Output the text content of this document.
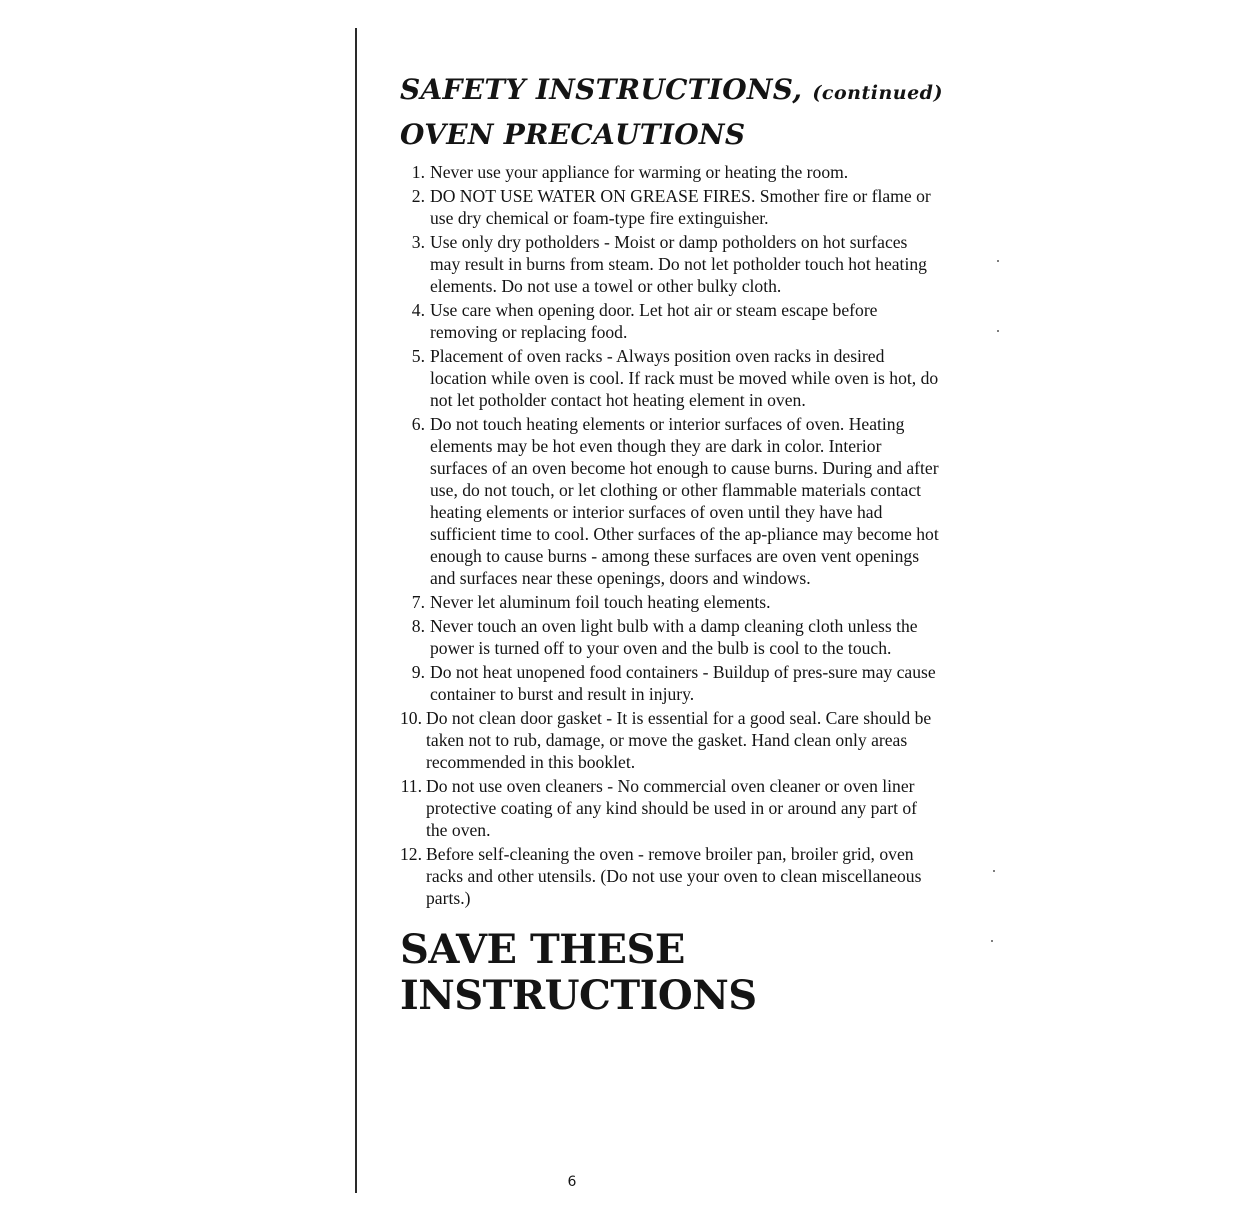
SAFETY INSTRUCTIONS, (continued)
OVEN PRECAUTIONS
1. Never use your appliance for warming or heating the room.
2. DO NOT USE WATER ON GREASE FIRES. Smother fire or flame or use dry chemical or foam-type fire extinguisher.
3. Use only dry potholders - Moist or damp potholders on hot surfaces may result in burns from steam. Do not let potholder touch hot heating elements. Do not use a towel or other bulky cloth.
4. Use care when opening door. Let hot air or steam escape before removing or replacing food.
5. Placement of oven racks - Always position oven racks in desired location while oven is cool. If rack must be moved while oven is hot, do not let potholder contact hot heating element in oven.
6. Do not touch heating elements or interior surfaces of oven. Heating elements may be hot even though they are dark in color. Interior surfaces of an oven become hot enough to cause burns. During and after use, do not touch, or let clothing or other flammable materials contact heating elements or interior surfaces of oven until they have had sufficient time to cool. Other surfaces of the ap-pliance may become hot enough to cause burns - among these surfaces are oven vent openings and surfaces near these openings, doors and windows.
7. Never let aluminum foil touch heating elements.
8. Never touch an oven light bulb with a damp cleaning cloth unless the power is turned off to your oven and the bulb is cool to the touch.
9. Do not heat unopened food containers - Buildup of pres-sure may cause container to burst and result in injury.
10. Do not clean door gasket - It is essential for a good seal. Care should be taken not to rub, damage, or move the gasket. Hand clean only areas recommended in this booklet.
11. Do not use oven cleaners - No commercial oven cleaner or oven liner protective coating of any kind should be used in or around any part of the oven.
12. Before self-cleaning the oven - remove broiler pan, broiler grid, oven racks and other utensils. (Do not use your oven to clean miscellaneous parts.)
SAVE THESE
INSTRUCTIONS
6
